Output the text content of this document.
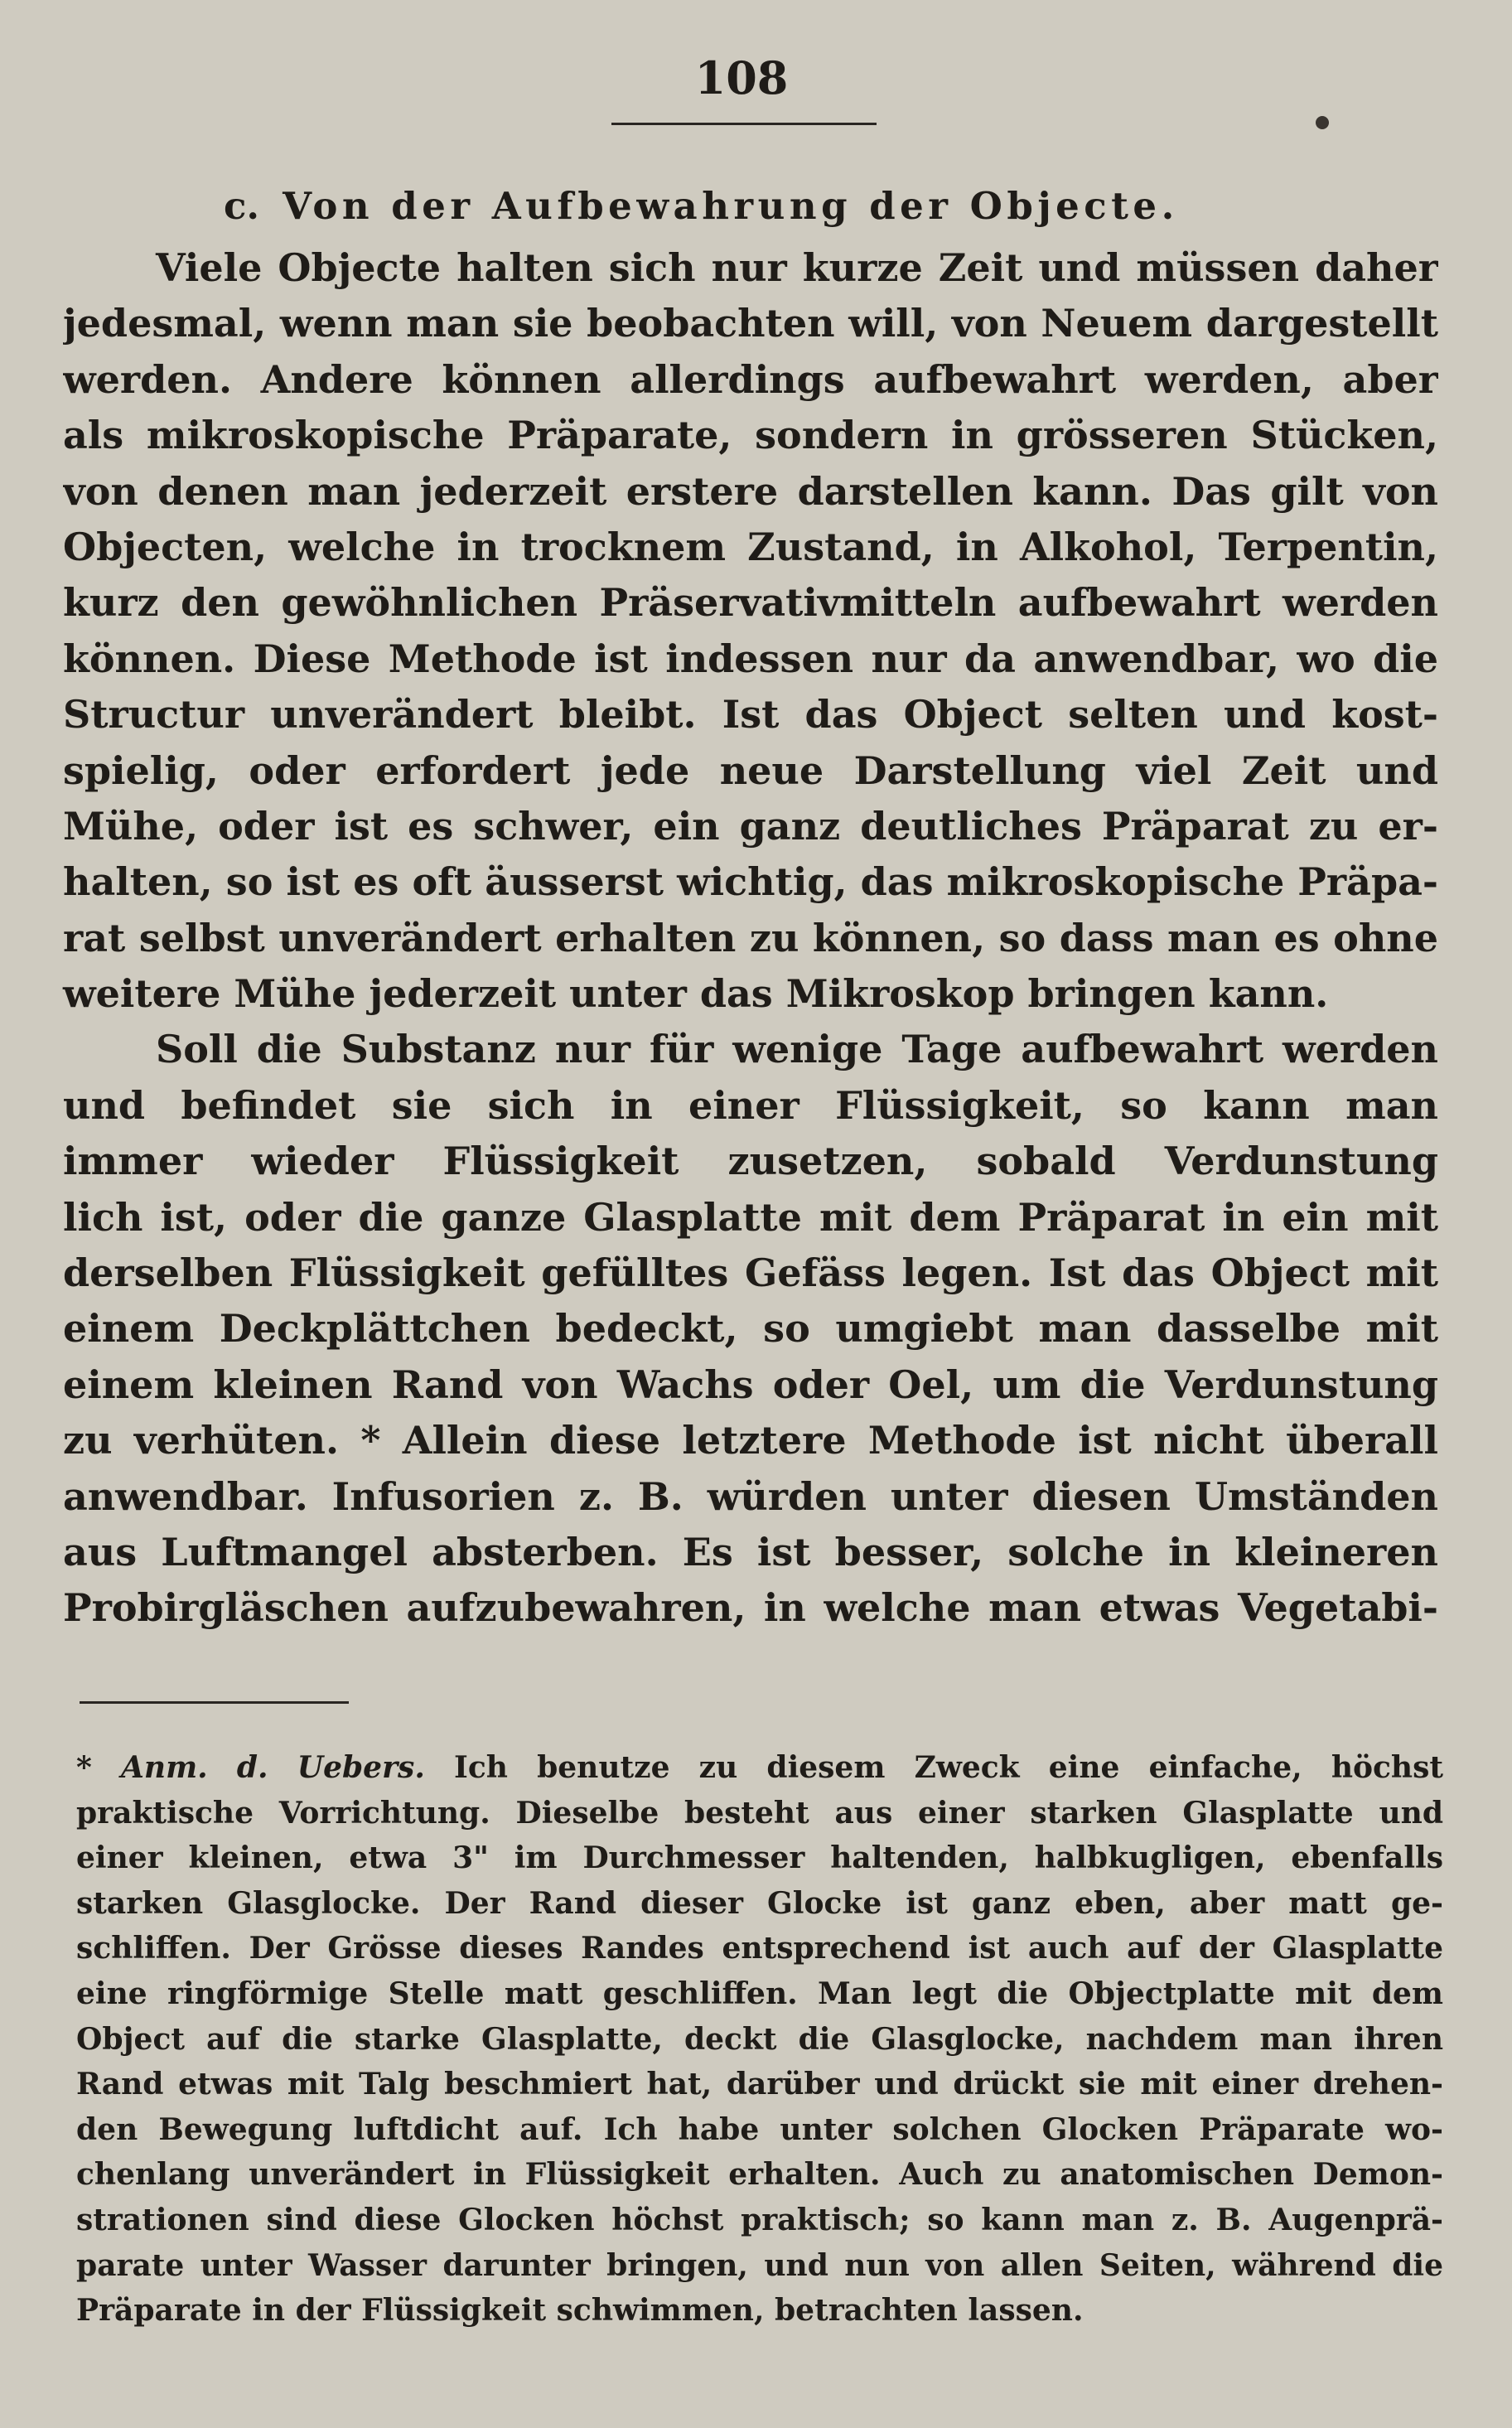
108
c. Von der Aufbewahrung der Objecte.
Viele Objecte halten sich nur kurze Zeit und müssen daher
jedesmal, wenn man sie beobachten will, von Neuem dargestellt
werden. Andere können allerdings aufbewahrt werden, aber
als mikroskopische Präparate, sondern in grösseren Stücken,
von denen man jederzeit erstere darstellen kann. Das gilt von
Objecten, welche in trocknem Zustand, in Alkohol, Terpentin,
kurz den gewöhnlichen Präservativmitteln aufbewahrt werden
können. Diese Methode ist indessen nur da anwendbar, wo die
Structur unverändert bleibt. Ist das Object selten und kost-
spielig, oder erfordert jede neue Darstellung viel Zeit und
Mühe, oder ist es schwer, ein ganz deutliches Präparat zu er-
halten, so ist es oft äusserst wichtig, das mikroskopische Präpa-
rat selbst unverändert erhalten zu können, so dass man es ohne
weitere Mühe jederzeit unter das Mikroskop bringen kann.
Soll die Substanz nur für wenige Tage aufbewahrt werden
und befindet sie sich in einer Flüssigkeit, so kann man
immer wieder Flüssigkeit zusetzen, sobald Verdunstung
lich ist, oder die ganze Glasplatte mit dem Präparat in ein mit
derselben Flüssigkeit gefülltes Gefäss legen. Ist das Object mit
einem Deckplättchen bedeckt, so umgiebt man dasselbe mit
einem kleinen Rand von Wachs oder Oel, um die Verdunstung
zu verhüten. * Allein diese letztere Methode ist nicht überall
anwendbar. Infusorien z. B. würden unter diesen Umständen
aus Luftmangel absterben. Es ist besser, solche in kleineren
Probirgläschen aufzubewahren, in welche man etwas Vegetabi-
* Anm. d. Uebers. Ich benutze zu diesem Zweck eine einfache, höchst
praktische Vorrichtung. Dieselbe besteht aus einer starken Glasplatte und
einer kleinen, etwa 3" im Durchmesser haltenden, halbkugligen, ebenfalls
starken Glasglocke. Der Rand dieser Glocke ist ganz eben, aber matt ge-
schliffen. Der Grösse dieses Randes entsprechend ist auch auf der Glasplatte
eine ringförmige Stelle matt geschliffen. Man legt die Objectplatte mit dem
Object auf die starke Glasplatte, deckt die Glasglocke, nachdem man ihren
Rand etwas mit Talg beschmiert hat, darüber und drückt sie mit einer drehen-
den Bewegung luftdicht auf. Ich habe unter solchen Glocken Präparate wo-
chenlang unverändert in Flüssigkeit erhalten. Auch zu anatomischen Demon-
strationen sind diese Glocken höchst praktisch; so kann man z. B. Augenprä-
parate unter Wasser darunter bringen, und nun von allen Seiten, während die
Präparate in der Flüssigkeit schwimmen, betrachten lassen.
